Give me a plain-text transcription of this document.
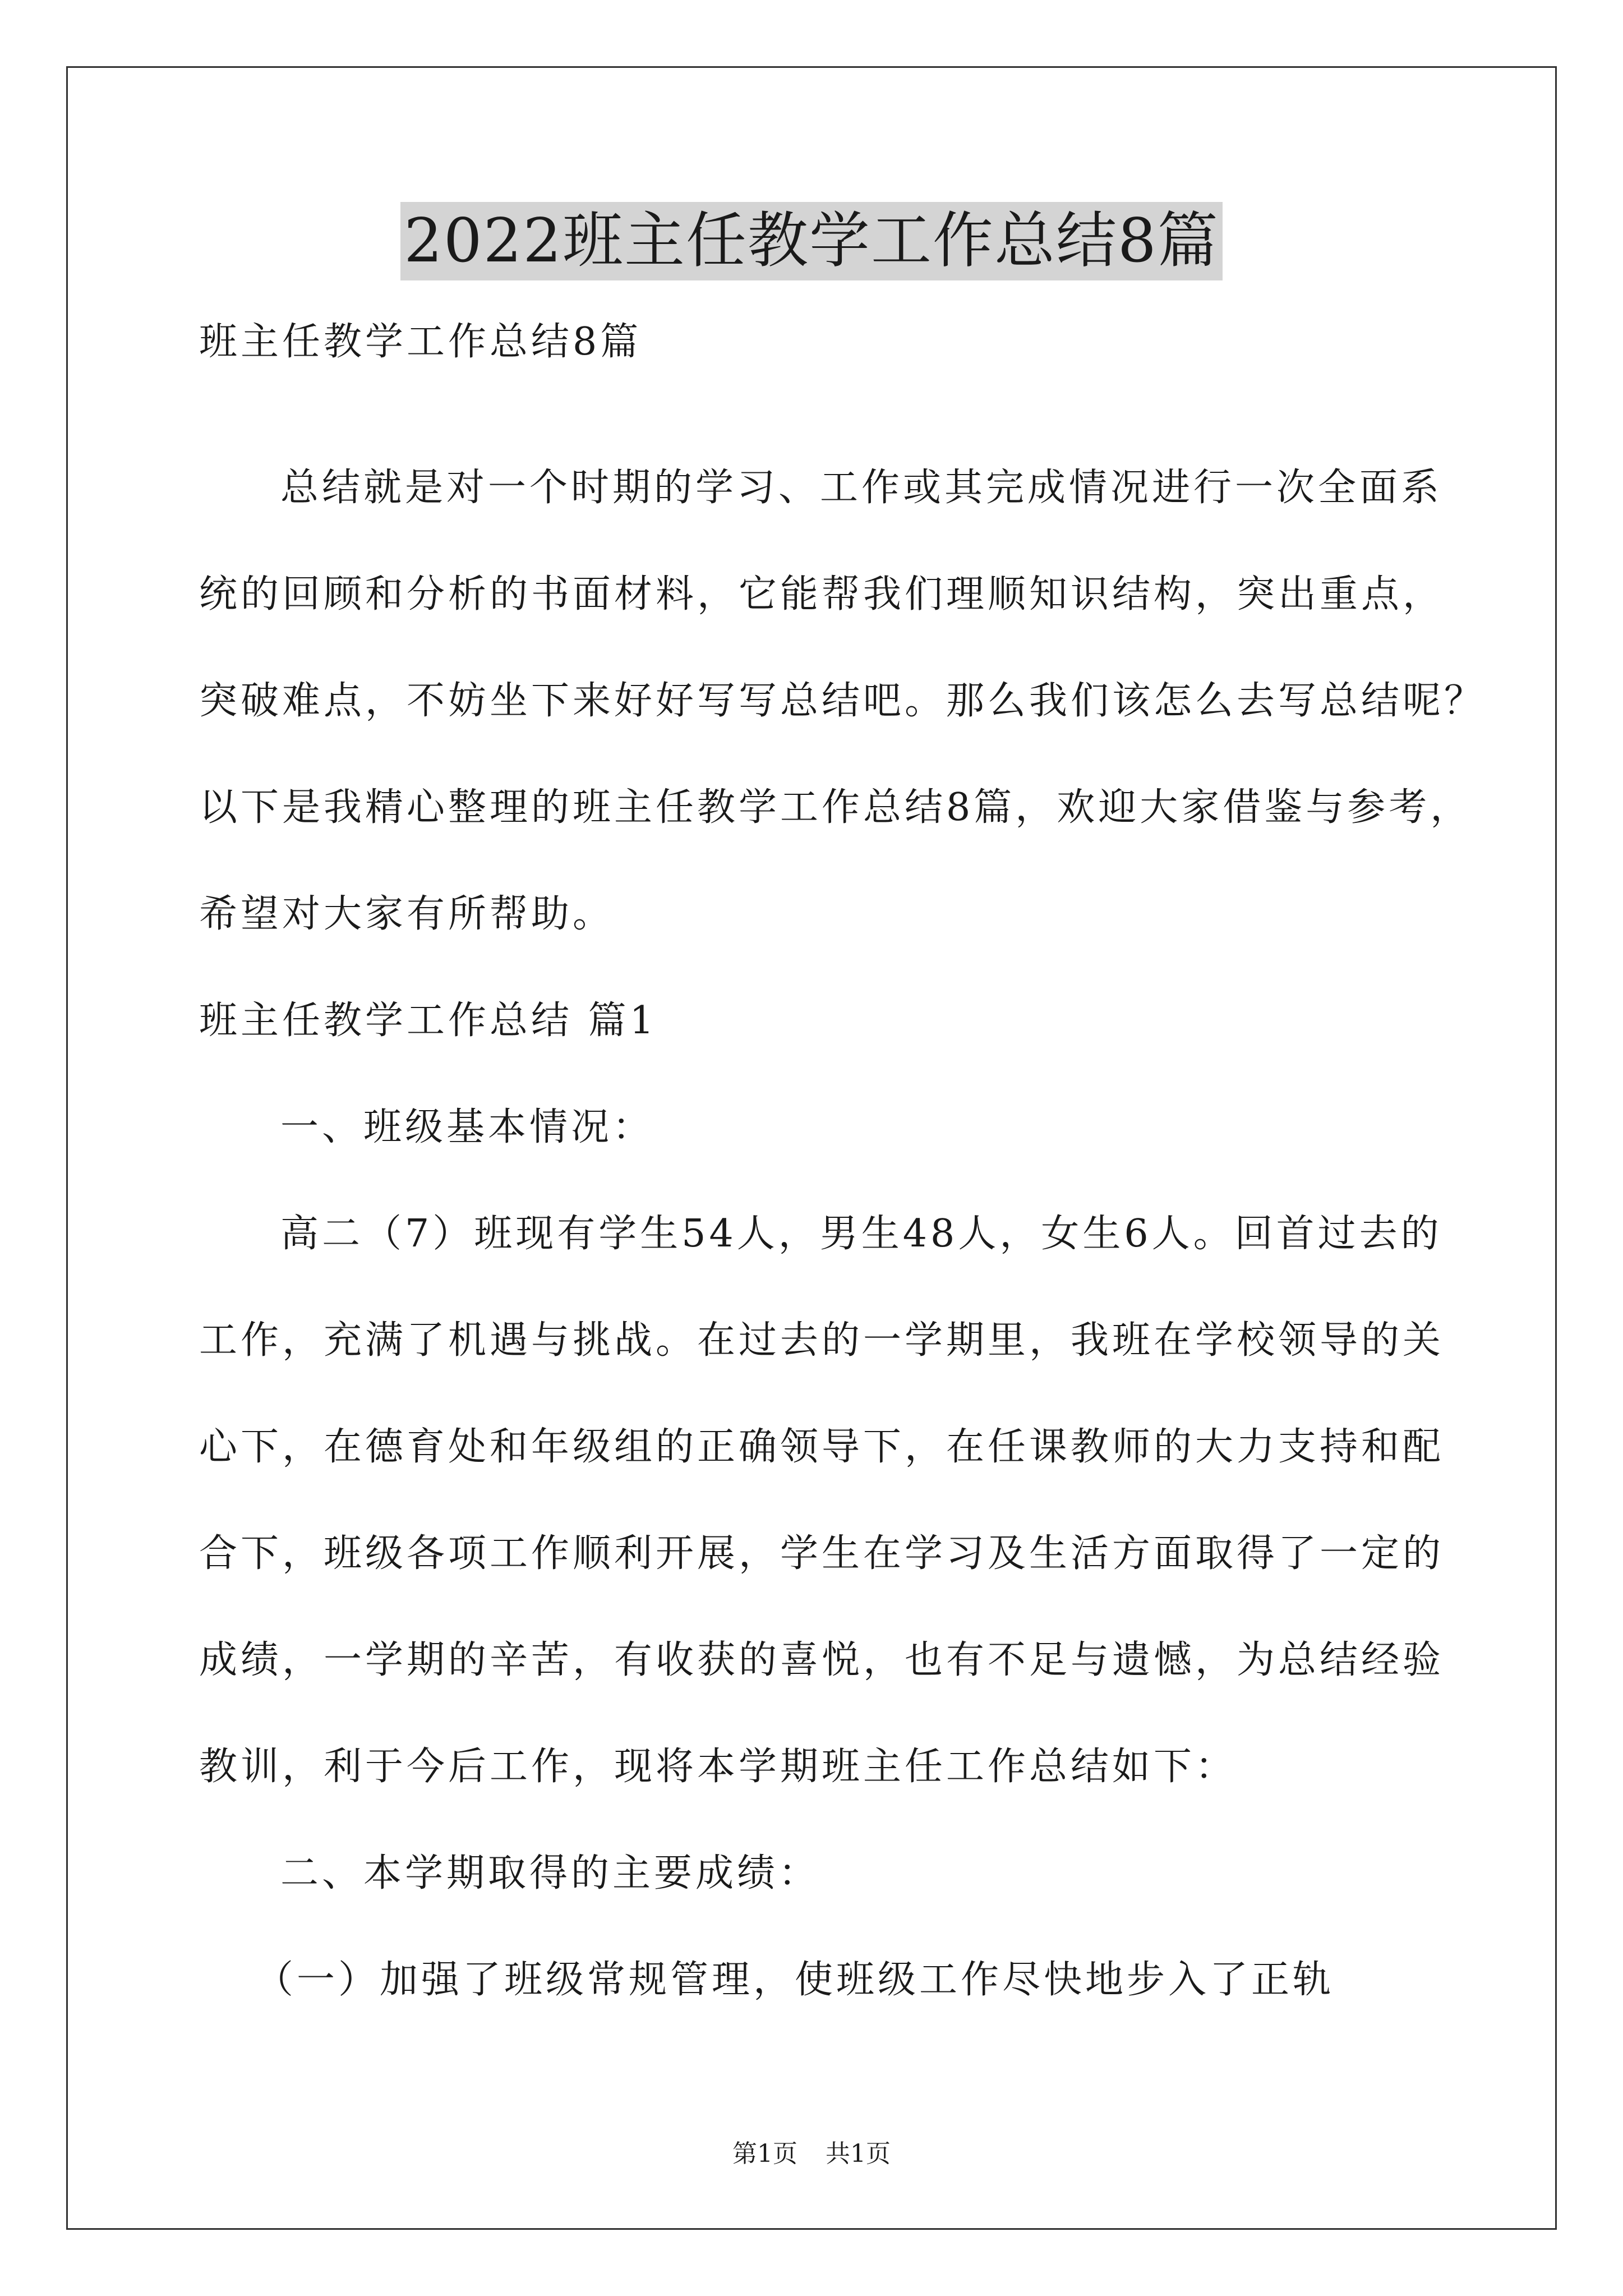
2022班主任教学工作总结8篇
班主任教学工作总结8篇
总结就是对一个时期的学习、工作或其完成情况进行一次全面系
统的回顾和分析的书面材料，它能帮我们理顺知识结构，突出重点，
突破难点，不妨坐下来好好写写总结吧。那么我们该怎么去写总结呢？
以下是我精心整理的班主任教学工作总结8篇，欢迎大家借鉴与参考，
希望对大家有所帮助。
班主任教学工作总结 篇1
一、班级基本情况：
高二（7）班现有学生54人，男生48人，女生6人。回首过去的
工作，充满了机遇与挑战。在过去的一学期里，我班在学校领导的关
心下，在德育处和年级组的正确领导下，在任课教师的大力支持和配
合下，班级各项工作顺利开展，学生在学习及生活方面取得了一定的
成绩，一学期的辛苦，有收获的喜悦，也有不足与遗憾，为总结经验
教训，利于今后工作，现将本学期班主任工作总结如下：
二、本学期取得的主要成绩：
（一）加强了班级常规管理，使班级工作尽快地步入了正轨
第1页 共1页
